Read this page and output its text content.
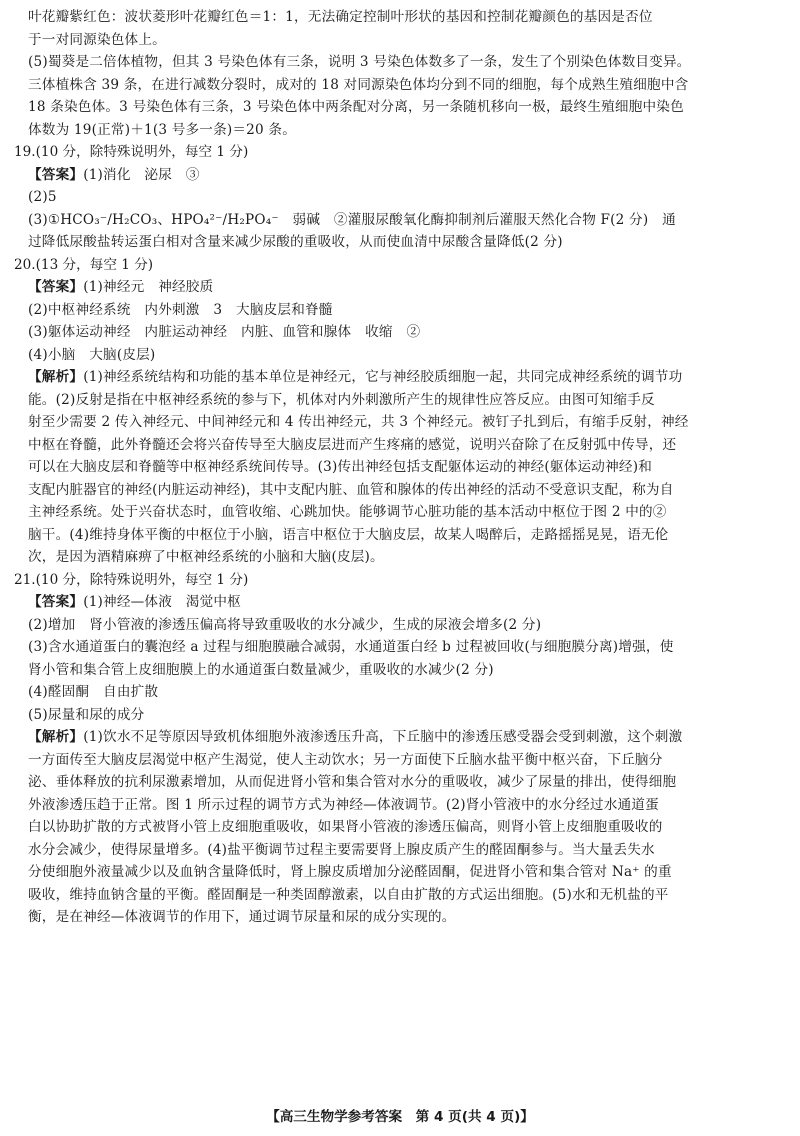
叶花瓣紫红色：波状菱形叶花瓣红色＝1：1，无法确定控制叶形状的基因和控制花瓣颜色的基因是否位
于一对同源染色体上。
(5)蜀葵是二倍体植物，但其 3 号染色体有三条，说明 3 号染色体数多了一条，发生了个别染色体数目变异。
三体植株含 39 条，在进行减数分裂时，成对的 18 对同源染色体均分到不同的细胞，每个成熟生殖细胞中含
18 条染色体。3 号染色体有三条，3 号染色体中两条配对分离，另一条随机移向一极，最终生殖细胞中染色
体数为 19(正常)＋1(3 号多一条)＝20 条。
19.(10 分，除特殊说明外，每空 1 分)
【答案】(1)消化　泌尿　③
(2)5
(3)①HCO₃⁻/H₂CO₃、HPO₄²⁻/H₂PO₄⁻　弱碱　②灌服尿酸氧化酶抑制剂后灌服天然化合物 F(2 分)　通
过降低尿酸盐转运蛋白相对含量来减少尿酸的重吸收，从而使血清中尿酸含量降低(2 分)
20.(13 分，每空 1 分)
【答案】(1)神经元　神经胶质
(2)中枢神经系统　内外刺激　3　大脑皮层和脊髓
(3)躯体运动神经　内脏运动神经　内脏、血管和腺体　收缩　②
(4)小脑　大脑(皮层)
【解析】(1)神经系统结构和功能的基本单位是神经元，它与神经胶质细胞一起，共同完成神经系统的调节功
能。(2)反射是指在中枢神经系统的参与下，机体对内外刺激所产生的规律性应答反应。由图可知缩手反
射至少需要 2 传入神经元、中间神经元和 4 传出神经元，共 3 个神经元。被钉子扎到后，有缩手反射，神经
中枢在脊髓，此外脊髓还会将兴奋传导至大脑皮层进而产生疼痛的感觉，说明兴奋除了在反射弧中传导，还
可以在大脑皮层和脊髓等中枢神经系统间传导。(3)传出神经包括支配躯体运动的神经(躯体运动神经)和
支配内脏器官的神经(内脏运动神经)，其中支配内脏、血管和腺体的传出神经的活动不受意识支配，称为自
主神经系统。处于兴奋状态时，血管收缩、心跳加快。能够调节心脏功能的基本活动中枢位于图 2 中的②
脑干。(4)维持身体平衡的中枢位于小脑，语言中枢位于大脑皮层，故某人喝醉后，走路摇摇晃晃，语无伦
次，是因为酒精麻痹了中枢神经系统的小脑和大脑(皮层)。
21.(10 分，除特殊说明外，每空 1 分)
【答案】(1)神经—体液　渴觉中枢
(2)增加　肾小管液的渗透压偏高将导致重吸收的水分减少，生成的尿液会增多(2 分)
(3)含水通道蛋白的囊泡经 a 过程与细胞膜融合减弱，水通道蛋白经 b 过程被回收(与细胞膜分离)增强，使
肾小管和集合管上皮细胞膜上的水通道蛋白数量减少，重吸收的水减少(2 分)
(4)醛固酮　自由扩散
(5)尿量和尿的成分
【解析】(1)饮水不足等原因导致机体细胞外液渗透压升高，下丘脑中的渗透压感受器会受到刺激，这个刺激
一方面传至大脑皮层渴觉中枢产生渴觉，使人主动饮水；另一方面使下丘脑水盐平衡中枢兴奋，下丘脑分
泌、垂体释放的抗利尿激素增加，从而促进肾小管和集合管对水分的重吸收，减少了尿量的排出，使得细胞
外液渗透压趋于正常。图 1 所示过程的调节方式为神经—体液调节。(2)肾小管液中的水分经过水通道蛋
白以协助扩散的方式被肾小管上皮细胞重吸收，如果肾小管液的渗透压偏高，则肾小管上皮细胞重吸收的
水分会减少，使得尿量增多。(4)盐平衡调节过程主要需要肾上腺皮质产生的醛固酮参与。当大量丢失水
分使细胞外液量减少以及血钠含量降低时，肾上腺皮质增加分泌醛固酮，促进肾小管和集合管对 Na⁺ 的重
吸收，维持血钠含量的平衡。醛固酮是一种类固醇激素，以自由扩散的方式运出细胞。(5)水和无机盐的平
衡，是在神经—体液调节的作用下，通过调节尿量和尿的成分实现的。
【高三生物学参考答案　第 4 页(共 4 页)】
